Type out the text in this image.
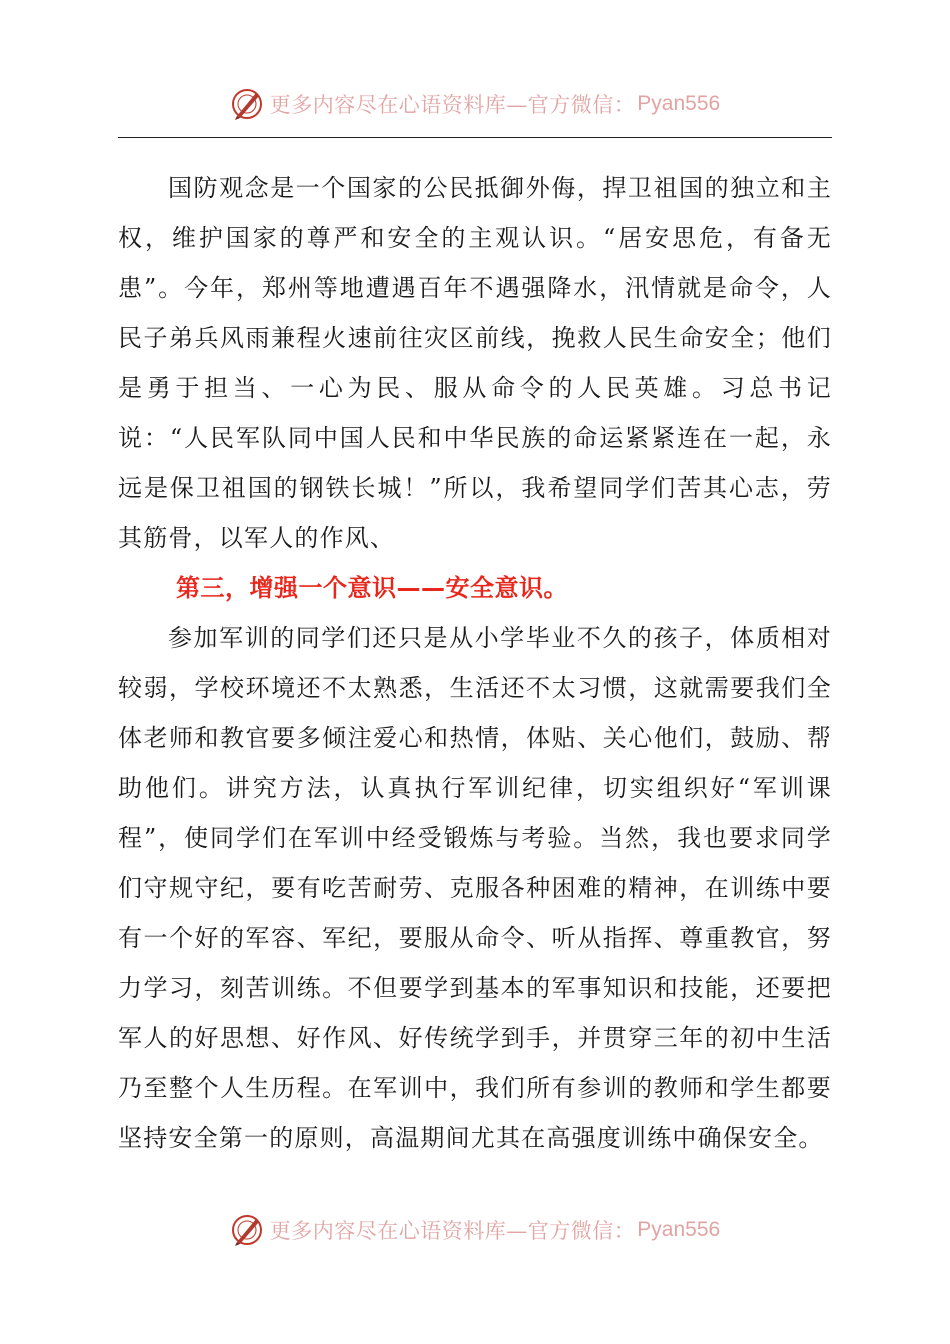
更多内容尽在心语资料库—官方微信： Pyan556

国防观念是一个国家的公民抵御外侮，捍卫祖国的独立和主权，维护国家的尊严和安全的主观认识。“居安思危，有备无患”。今年，郑州等地遭遇百年不遇强降水，汛情就是命令，人民子弟兵风雨兼程火速前往灾区前线，挽救人民生命安全；他们是勇于担当、一心为民、服从命令的人民英雄。习总书记说：“人民军队同中国人民和中华民族的命运紧紧连在一起，永远是保卫祖国的钢铁长城！”所以，我希望同学们苦其心志，劳其筋骨，以军人的作风、

第三，增强一个意识——安全意识。

参加军训的同学们还只是从小学毕业不久的孩子，体质相对较弱，学校环境还不太熟悉，生活还不太习惯，这就需要我们全体老师和教官要多倾注爱心和热情，体贴、关心他们，鼓励、帮助他们。讲究方法，认真执行军训纪律，切实组织好“军训课程”，使同学们在军训中经受锻炼与考验。当然，我也要求同学们守规守纪，要有吃苦耐劳、克服各种困难的精神，在训练中要有一个好的军容、军纪，要服从命令、听从指挥、尊重教官，努力学习，刻苦训练。不但要学到基本的军事知识和技能，还要把军人的好思想、好作风、好传统学到手，并贯穿三年的初中生活乃至整个人生历程。在军训中，我们所有参训的教师和学生都要坚持安全第一的原则，高温期间尤其在高强度训练中确保安全。

更多内容尽在心语资料库—官方微信： Pyan556
